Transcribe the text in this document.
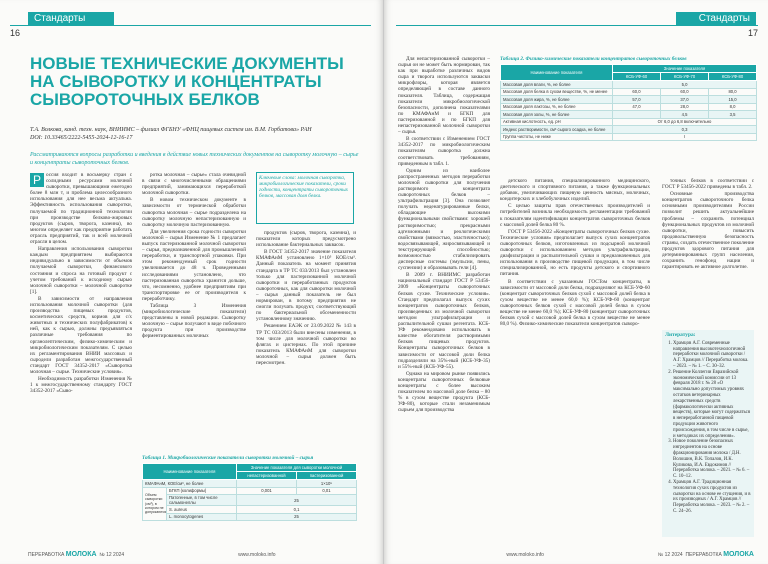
Стандарты
16
НОВЫЕ ТЕХНИЧЕСКИЕ ДОКУМЕНТЫ НА СЫВОРОТКУ И КОНЦЕНТРАТЫ СЫВОРОТОЧНЫХ БЕЛКОВ
Т.А. Волкова, канд. техн. наук, ВНИИМС – филиал ФГБНУ «ФНЦ пищевых систем им. В.М. Горбатова» РАН
DOI: 10.33465/2222-5455-2024-12-16-17
Рассматриваются вопросы разработки и введения в действие новых технических документов на сыворотку молочную – сырье и концентраты сывороточных белков.
Р оссия входит в восьмерку стран с солидными ресурсами молочной сыворотки, превышающими ежегодно более 8 млн т, и проблема целесообразного использования для нее весьма актуальна. Эффективность использования сыворотки, получаемой по традиционной технологии при производстве белково-жировых продуктов (сыров, творога, казеина), во многом определяет как предприятие работать отрасль предприятий, так и всей молочной отрасли в целом.

Направления использования сыворотки каждым предприятием выбираются индивидуально в зависимости от объемов получаемой сыворотки, финансового состояния и спроса на готовый продукт с учетом требований к исходному сырью молочной сыворотки – молочной сыворотке [1].

В зависимости от направления использования молочной сыворотки (для производства пищевых продуктов, косметических средств, кормов для с/х животных и технических полуфабрикатов) к ней, как к сырью, должны предъявляться различные требования по органолептическим, физико-химическим и микробиологическим показателям. С целью их регламентирования ВНИИ массовых и сыродели разработан межгосударственный стандарт ГОСТ 34352-2017 «Сыворотка молочная – сырье. Технические условия».

Необходимость разработки Изменения № 1 к межгосударственному стандарту ГОСТ 34352-2017 «Сыво-

ротка молочная – сырье» стала очевидной в связи с многочисленными обращениями предприятий, занимающихся переработкой молочной сыворотки.

В новом техническом документе в зависимости от термической обработки сыворотка молочная – сырье подразделена на сыворотку молочную непастеризованную и сыворотку молочную пастеризованную.

Для увеличения срока годности сыворотки молочной – сырья Изменение № 1 предлагает выпуск пастеризованной молочной сыворотки – сырья, предназначенной для промышленной переработки, и транспортной упаковки. При этом рекомендуемый срок годности увеличивается до 48 ч. Проведенными исследованиями установлено, что пастеризованная сыворотка хранится дольше, что, несомненно, удобнее предприятиям при транспортировке ее от производителя к переработчику.

Таблица 3 Изменения (микробиологические показатели) представлены в новой редакции. Сыворотку молочную – сырье получают в виде побочного продукта при производстве ферментированных молочных

Ключевые слова: молочная сыворотка, микробиологические показатели, сроки годности, концентраты сывороточных белков, массовая доля белка.

продуктов (сыров, творога, казеина), и показатели которых предусмотрено использование бактериальных заквасок.

В ГОСТ 34352-2017 значение показателя КМАФАнМ установлено 1×10⁵ КОЕ/см³. Данный показатель на момент принятия стандарта в ТР ТС 033/2013 был установлен только для пастеризованной молочной сыворотки и переработанных продуктов сывороточных, как для сыворотки молочной – сырья данный показатель не был нормирован, в потому предприятия не смогли получать продукт, соответствующий по бактериальной обсемененности установленному значению.

Решением ЕАЭК от 23.09.2022 № 143 в ТР ТС 033/2013 были внесены изменения, в том числе для молочной сыворотки во флягах и цистернах. По этой причине показатель КМАФАнМ для сыворотки молочной – сырья должен быть пересмотрен.

Таблица 1. Микробиологические показатели сыворотки молочной – сырья
Наименование показателя		Значение показателя для сыворотки молочной	
		непастеризованной	пастеризованной
КМАФАнМ, КОЕ/см³, не более			1×10⁵
Объем сыворотки (см³), в котором не допускаются	БГКП (колиформы)	0,001	0,01
	Патогенные, в том числе сальмонеллы	25	
	S. aureus	0,1	
	L. monocytogenes	25	
ПЕРЕРАБОТКА МОЛОКА № 12 2024	www.moloko.info
Стандарты
17

Для непастеризованной сыворотки – сырья он не может быть нормирован, так как при выработке различных видов сыра и творога используются закваски микрофлоры, которая является определяющей в составе данного показателя. Таблица, содержащая показатели микробиологической безопасности, дополнена показателями по КМАФАнМ и БГКП для пастеризованной и по БГКП для непастеризованной молочной сыворотки – сырья.

В соответствии с Изменением ГОСТ 34352-2017 по микробиологическим показателям сыворотка должна соответствовать требованиям, приведенным в табл. 1.

Одним из наиболее распространенных методов переработки молочной сыворотки для получения растворимого концентрата сывороточных белков – ультрафильтрация [3]. Она позволяет получать неденатурированные белки, обладающие высокими функциональными свойствами: хорошей растворимостью; прекрасными адгезионными и реологическими свойствами (вязкостью, эластичностью); водосвязывающей, жиросвязывающей и текстурирующей способностью; возможностью стабилизировать дисперсные системы (эмульсии, пены, суспензии) и образовывать гели [4].

В 2009 г. ВНИИМС разработан национальный стандарт ГОСТ Р 53456-2009 «Концентраты сывороточных белков сухие. Технические условия». Стандарт предполагал выпуск сухих концентратов сывороточных белков, произведенных из молочной сыворотки методом ультрафильтрации и распылительной сушки регентата. КСБ-УФ рекомендовано использовать в качестве обогатителя растворимыми белков пищевых продуктов. Концентраты сывороточных белков в зависимости от массовой доли белка подразделяли на 35%-ный (КСБ-УФ-35) и 55%-ный (КСБ-УФ-55).

Однако на мировом рынке появились концентраты сывороточных белковые концентраты с более высоким показателем по массовой доле белка – 80 % в сухом веществе продукта (КСБ-УФ-80), которые стали незаменимым сырьем для производства

Таблица 2. Физико-химические показатели концентратов сывороточных белков
Наименование показателя	Значение показателя		
	КСБ-УФ-60	КСБ-УФ-70	КСБ-УФ-80
Массовая доля влаги, %, не более	5,0		
Массовая доля белка в сухом веществе, %, не менее	60,0	60,0	80,0
Массовая доля жира, %, не более	57,0	37,0	15,0
Массовая доля лактозы, %, не более	47,0	28,0	8,0
Массовая доля золы, %, не более		4,5	3,5
Активная кислотность, ед. pH	От 6,0 до 6,8 включительно		
Индекс растворимости, см³ сырого осадка, не более	0,3		
Группа чистоты, не ниже	I		

детского питания, специализированного медицинского, диетического и спортивного питания, а также функциональных добавок, увеличивающих пищевую ценность мясных, молочных, кондитерских и хлебобулочных изделий.

С целью защиты прав отечественных производителей и потребителей возникла необходимость регламентации требований к показателям идентификации концентратов сывороточных белков с массовой долей белка 80 %.

ГОСТ Р 53456-2022 «Концентраты сывороточных белков сухие. Технические условия» предполагает выпуск сухих концентратов сывороточных белков, изготовленных из подсырной молочной сыворотки с использованием методов ультрафильтрации, диафильтрации и распылительной сушки и предназначенных для использования в производстве пищевой продукции, в том числе специализированной, но есть продукты детского и спортивного питания.

В соответствии с указанным ГОСТом концентраты, в зависимости от массовой доли белка, подразделяют на КСБ-УФ-60 (концентрат сывороточных белков сухой с массовой долей белка в сухом веществе не менее 60,0 %); КСБ-УФ-60 (концентрат сывороточных белков сухой с массовой долей белка в сухом веществе не менее 60,0 %); КСБ-УФ-80 (концентрат сывороточных белков сухой с массовой долей белка в сухом веществе не менее 80,0 %). Физико-химические показатели концентратов сыворо-

точных белков в соответствии с ГОСТ Р 53456-2022 приведены в табл. 2.

Основные производства концентратов сывороточного белка основными производителями России позволит решить актуальнейшие проблемы – сохранить потенциал функциональных продуктов из молочной сыворотки, повысить продовольственную безопасность страны, создать отечественное поколение продуктов здорового питания для детерминированных групп населения, сохранить генофонд нации и гарантировать ее активное долголетие.

Литература:
1. Храмцов А.Г. Современные направления высокотехнологичной переработки молочной сыворотки / А.Г. Храмцов // Переработка молока. – 2023. – № 1. – С. 30–32.
2. Решение Коллегии Евразийской экономической комиссии от 13 февраля 2018 г. № 28 «О максимально допустимых уровнях остатков ветеринарных лекарственных средств (фармакологически активных веществ), которые могут содержаться в непереработанной пищевой продукции животного происхождения, в том числе в сырье, и методиках их определения».
3. Новое поколение безопасных ингредиентов на основе фракционирования молока / Д.Н. Волошин, В.К. Топалов, И.К. Куликова, И.А. Евдокимов // Переработка молока. – 2021. – № 6. – С. 10–12.
4. Храмцов А.Г. Традиционная технология сухих продуктов из сыворотки на основе ее сгущения, и в их производных / А.Г. Храмцов // Переработка молока. – 2023. – № 2. – С. 24–26.
www.moloko.info	№ 12 2024 ПЕРЕРАБОТКА МОЛОКА
